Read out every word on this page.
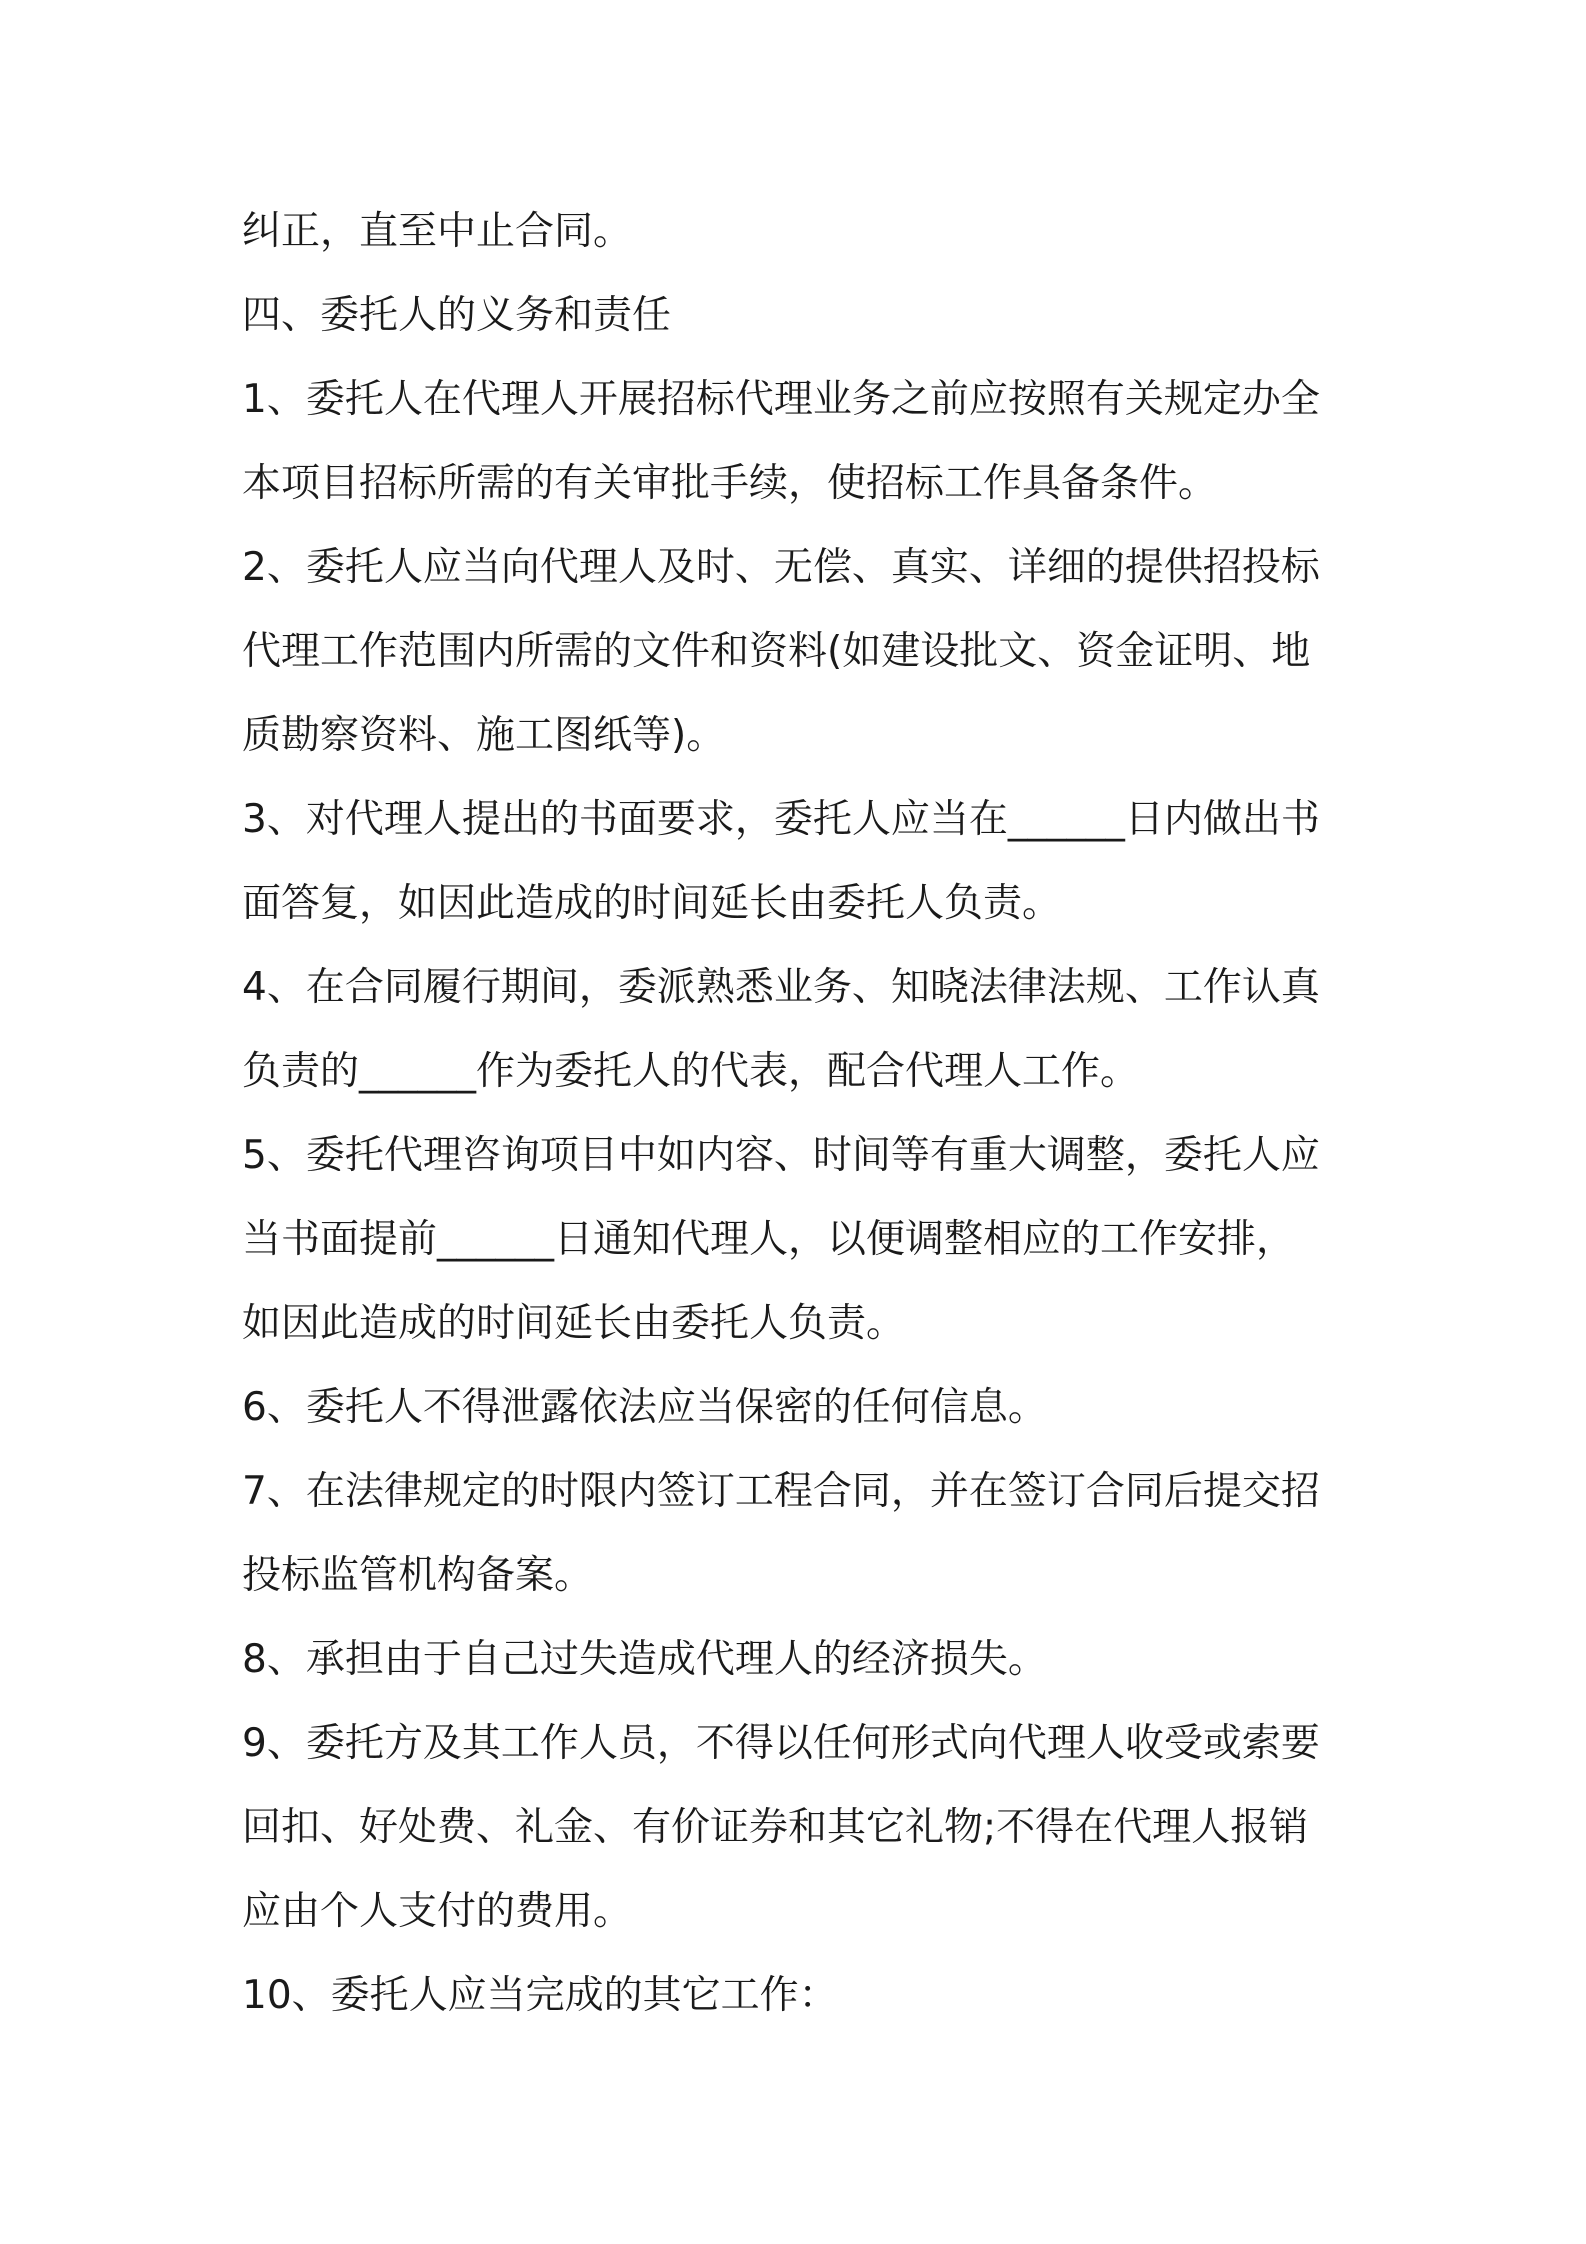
纠正，直至中止合同。
四、委托人的义务和责任
1、委托人在代理人开展招标代理业务之前应按照有关规定办全
本项目招标所需的有关审批手续，使招标工作具备条件。
2、委托人应当向代理人及时、无偿、真实、详细的提供招投标
代理工作范围内所需的文件和资料(如建设批文、资金证明、地
质勘察资料、施工图纸等)。
3、对代理人提出的书面要求，委托人应当在______日内做出书
面答复，如因此造成的时间延长由委托人负责。
4、在合同履行期间，委派熟悉业务、知晓法律法规、工作认真
负责的______作为委托人的代表，配合代理人工作。
5、委托代理咨询项目中如内容、时间等有重大调整，委托人应
当书面提前______日通知代理人，以便调整相应的工作安排，
如因此造成的时间延长由委托人负责。
6、委托人不得泄露依法应当保密的任何信息。
7、在法律规定的时限内签订工程合同，并在签订合同后提交招
投标监管机构备案。
8、承担由于自己过失造成代理人的经济损失。
9、委托方及其工作人员，不得以任何形式向代理人收受或索要
回扣、好处费、礼金、有价证券和其它礼物;不得在代理人报销
应由个人支付的费用。
10、委托人应当完成的其它工作：
